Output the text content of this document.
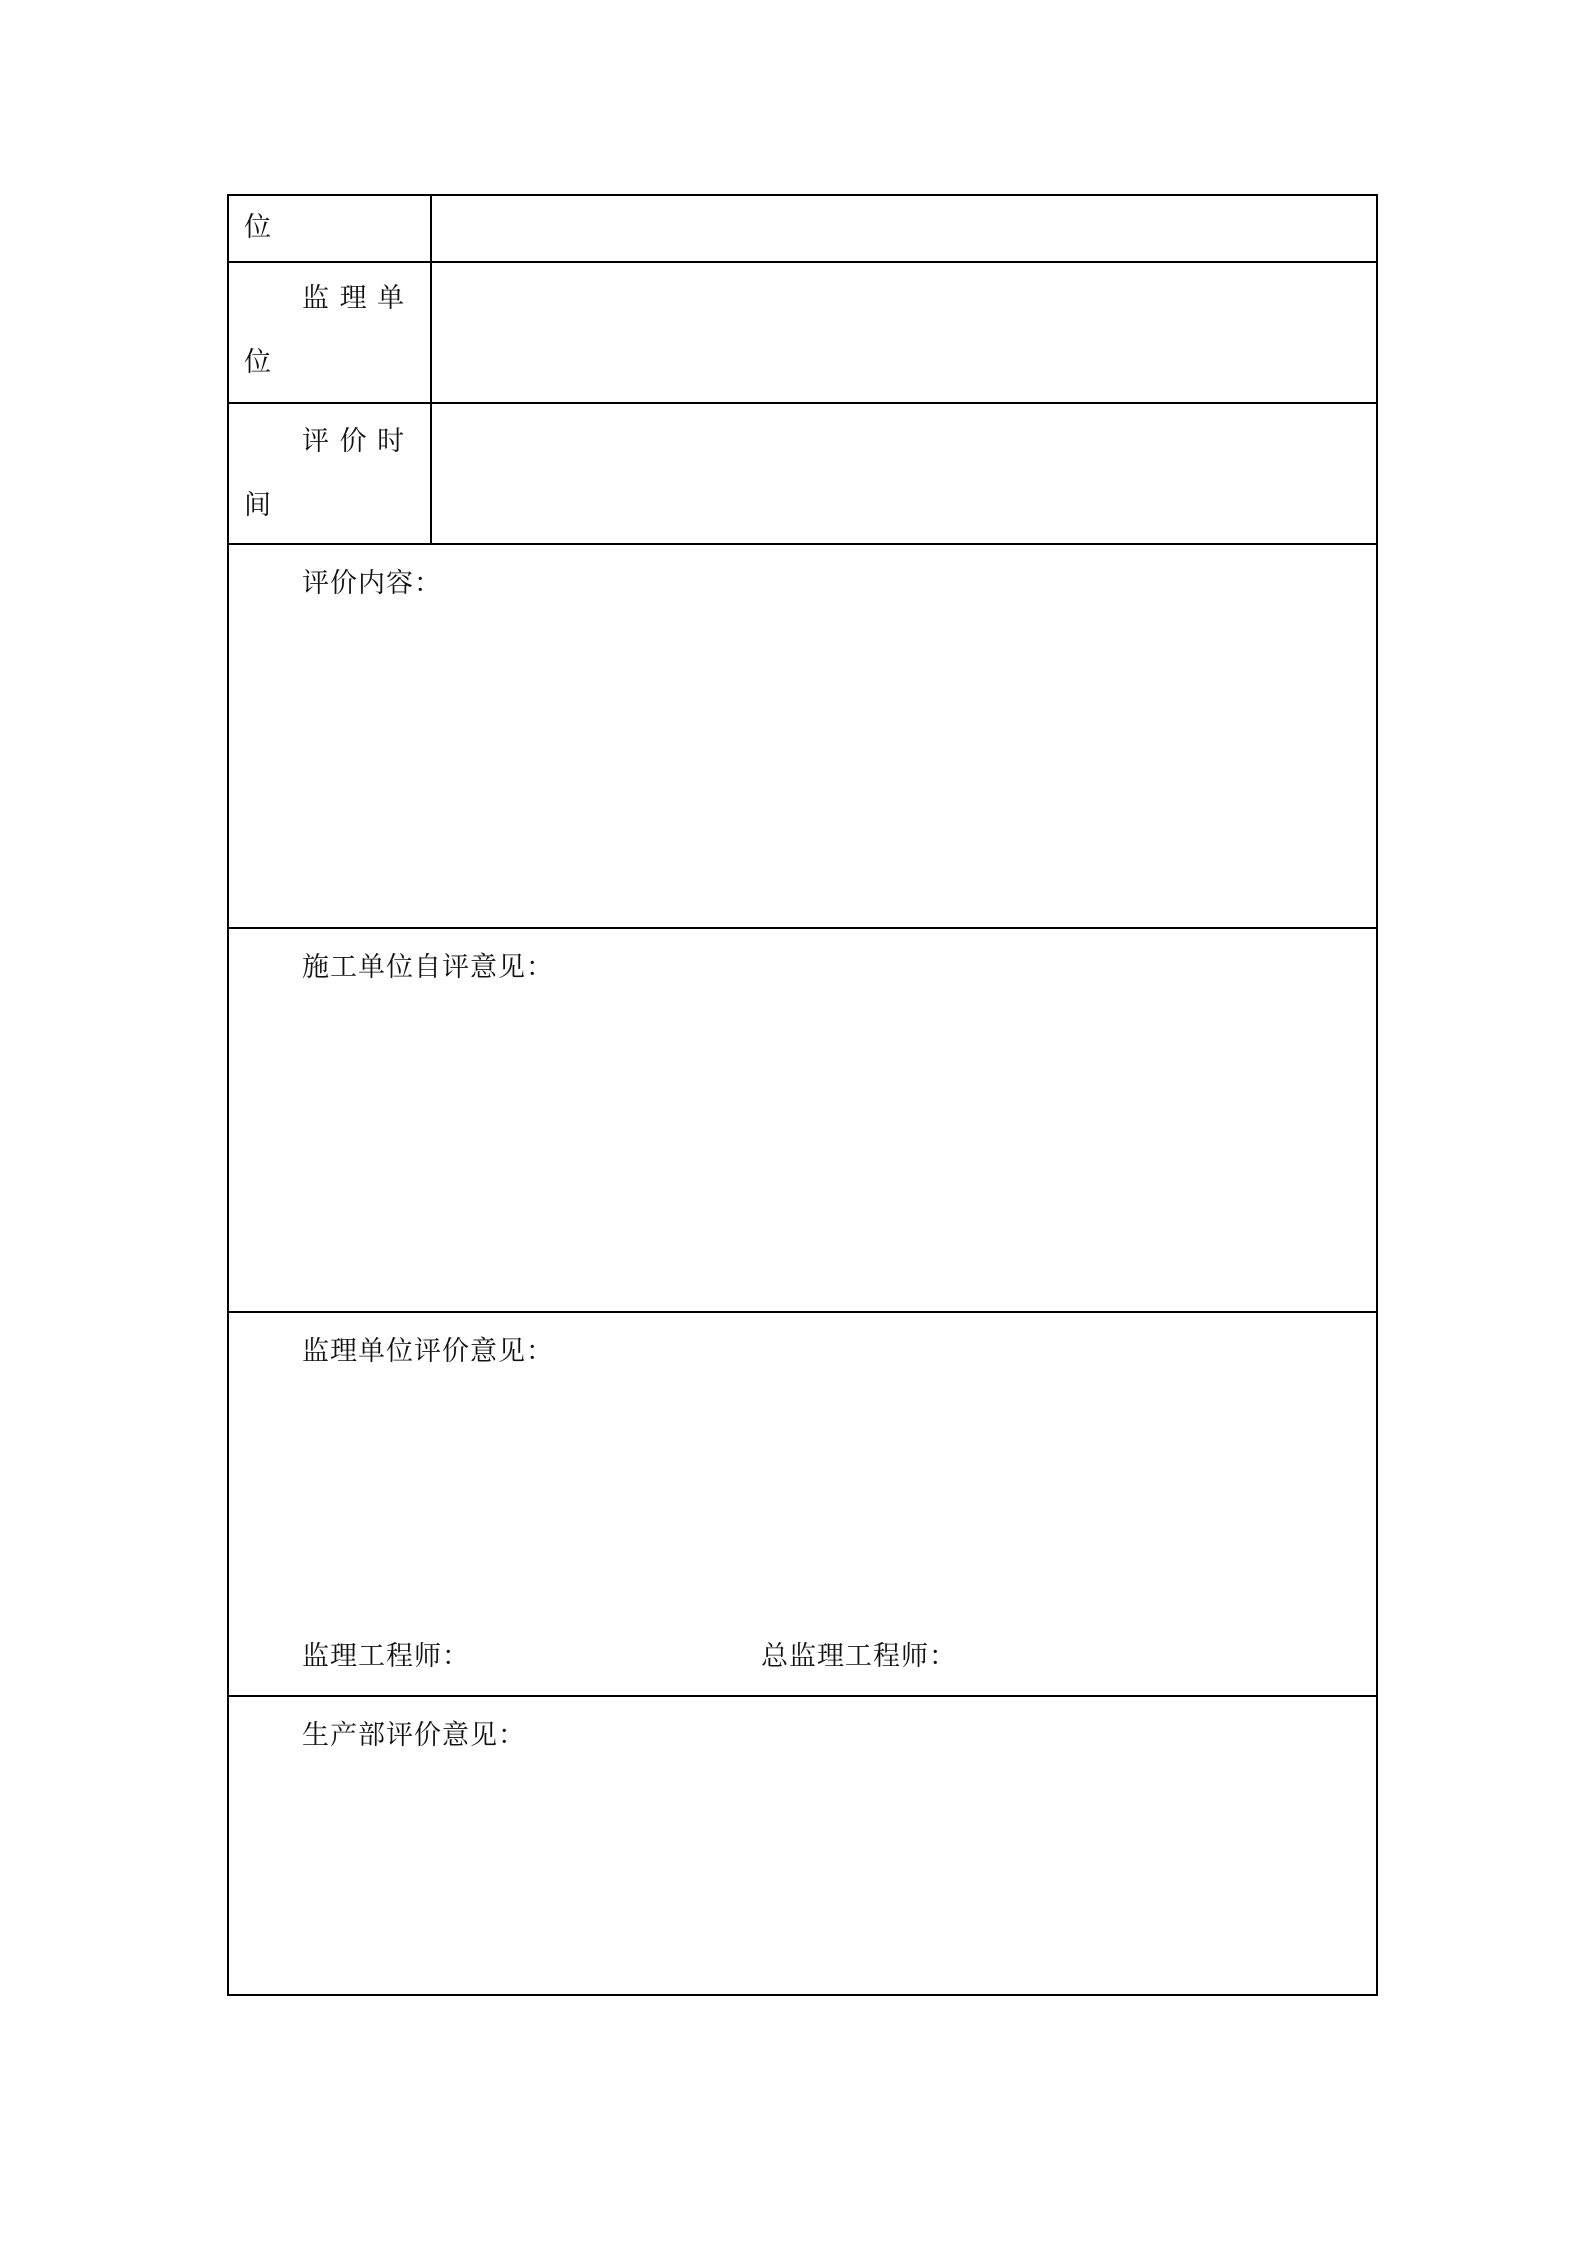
位
监 理 单
位
评 价 时
间
评价内容：
施工单位自评意见：
监理单位评价意见：
监理工程师：	总监理工程师：
生产部评价意见：
